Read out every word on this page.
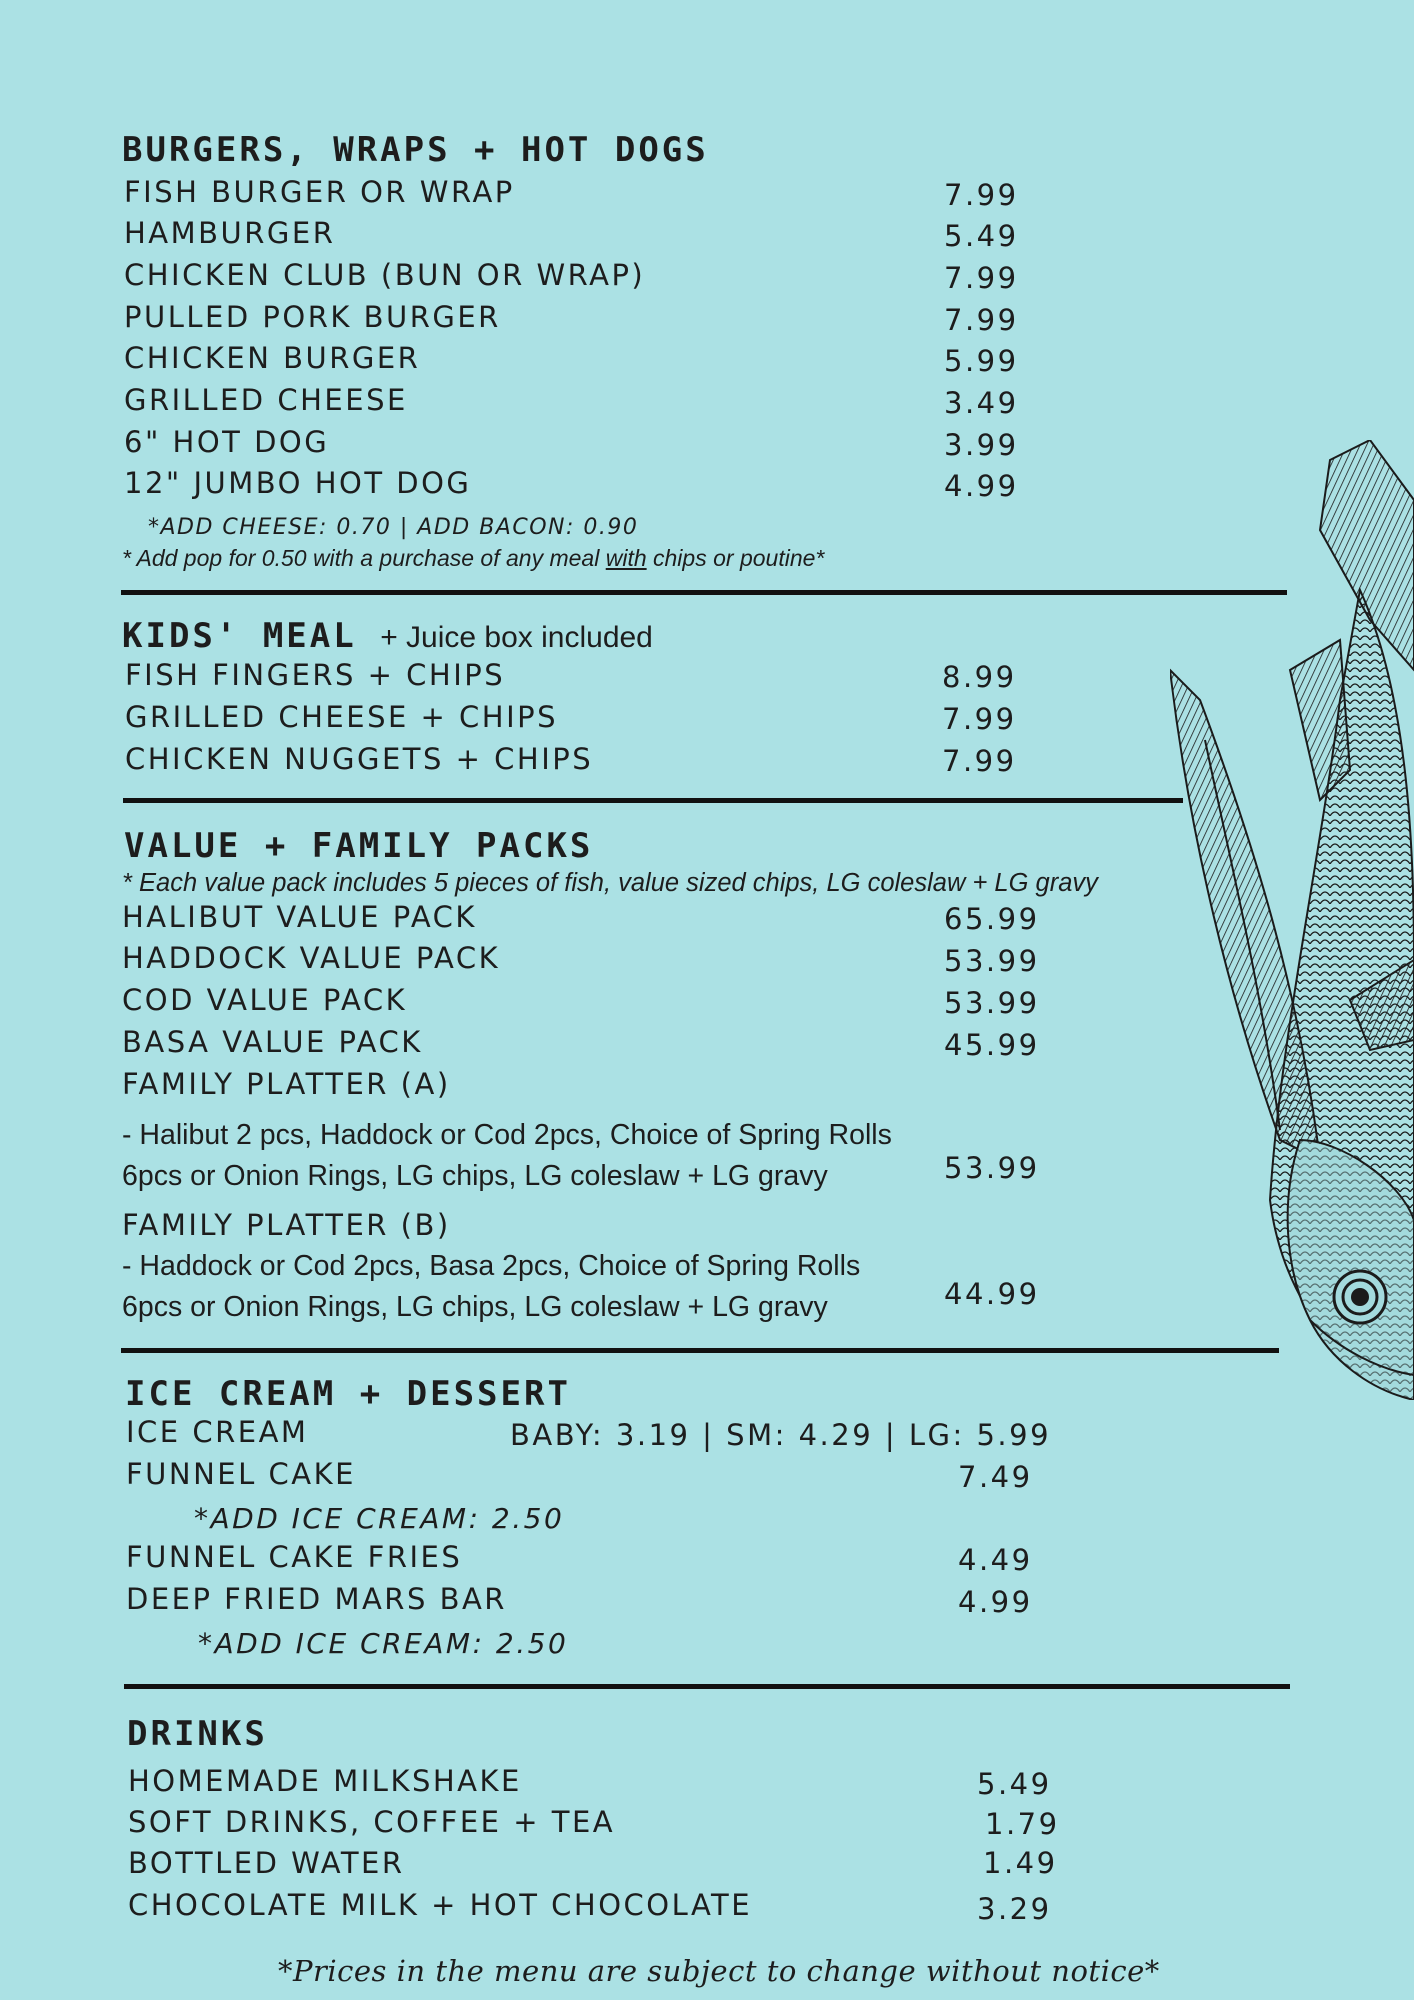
BURGERS, WRAPS + HOT DOGS
FISH BURGER OR WRAP	7.99
HAMBURGER	5.49
CHICKEN CLUB (BUN OR WRAP)	7.99
PULLED PORK BURGER	7.99
CHICKEN BURGER	5.99
GRILLED CHEESE	3.49
6" HOT DOG	3.99
12" JUMBO HOT DOG	4.99
*ADD CHEESE: 0.70 | ADD BACON: 0.90
* Add pop for 0.50 with a purchase of any meal with chips or poutine*
KIDS' MEAL + Juice box included
FISH FINGERS + CHIPS	8.99
GRILLED CHEESE + CHIPS	7.99
CHICKEN NUGGETS + CHIPS	7.99
VALUE + FAMILY PACKS
* Each value pack includes 5 pieces of fish, value sized chips, LG coleslaw + LG gravy
HALIBUT VALUE PACK	65.99
HADDOCK VALUE PACK	53.99
COD VALUE PACK	53.99
BASA VALUE PACK	45.99
FAMILY PLATTER (A)
- Halibut 2 pcs, Haddock or Cod 2pcs, Choice of Spring Rolls
6pcs or Onion Rings, LG chips, LG coleslaw + LG gravy	53.99
FAMILY PLATTER (B)
- Haddock or Cod 2pcs, Basa 2pcs, Choice of Spring Rolls
6pcs or Onion Rings, LG chips, LG coleslaw + LG gravy	44.99
ICE CREAM + DESSERT
ICE CREAM	BABY: 3.19 | SM: 4.29 | LG: 5.99
FUNNEL CAKE	7.49
*ADD ICE CREAM: 2.50
FUNNEL CAKE FRIES	4.49
DEEP FRIED MARS BAR	4.99
*ADD ICE CREAM: 2.50
DRINKS
HOMEMADE MILKSHAKE	5.49
SOFT DRINKS, COFFEE + TEA	1.79
BOTTLED WATER	1.49
CHOCOLATE MILK + HOT CHOCOLATE	3.29
*Prices in the menu are subject to change without notice*
